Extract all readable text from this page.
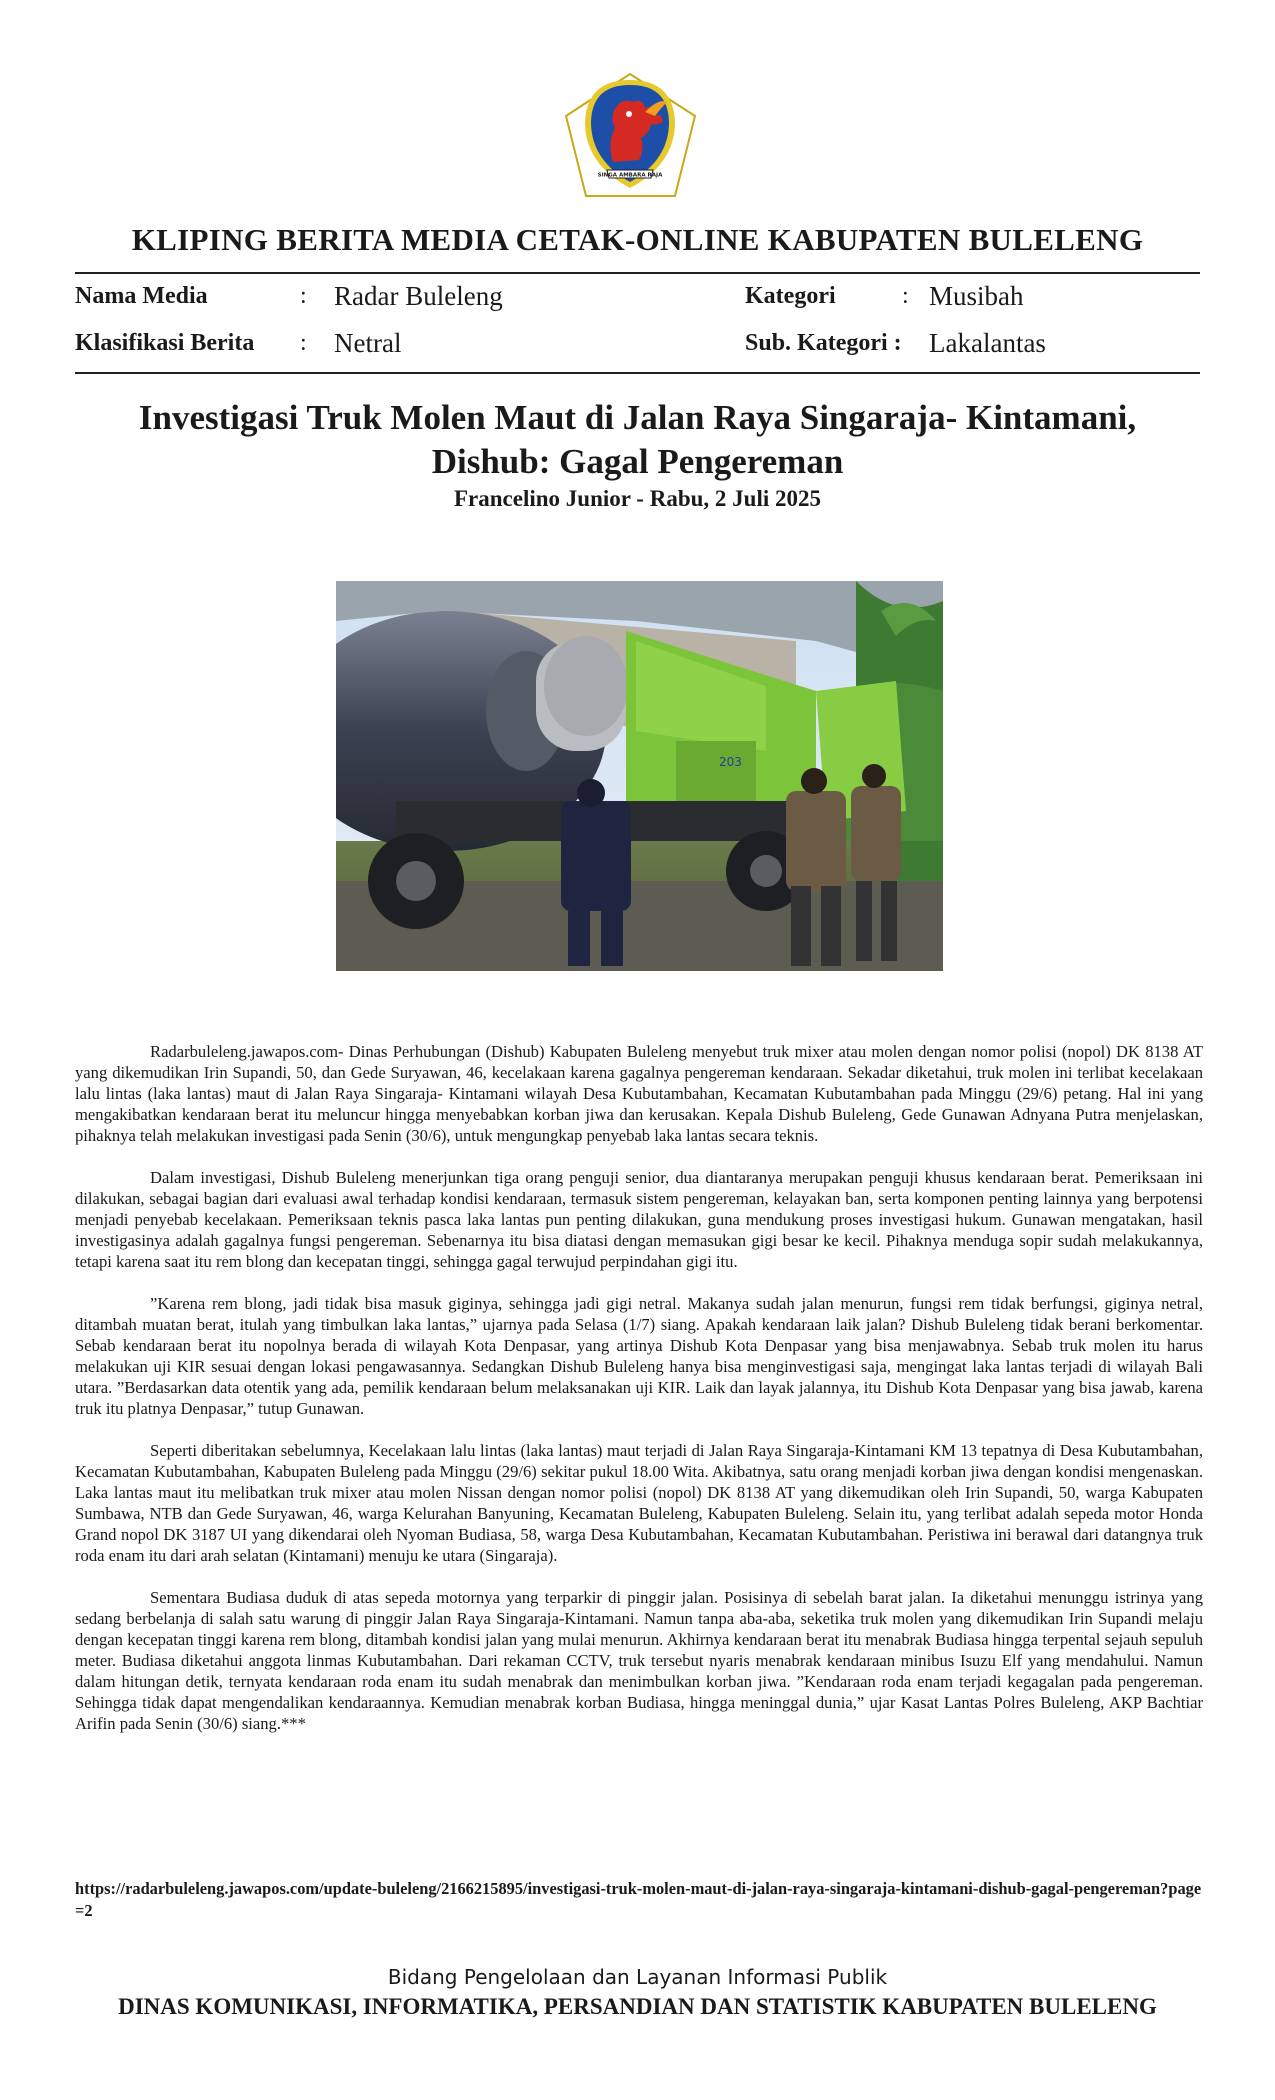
SINGA AMBARA RAJA
KLIPING BERITA MEDIA CETAK-ONLINE KABUPATEN BULELENG
Nama Media	: Radar Buleleng
Klasifikasi Berita : Netral
Kategori	: Musibah
Sub. Kategori : Lakalantas
Investigasi Truk Molen Maut di Jalan Raya Singaraja- Kintamani,
Dishub: Gagal Pengereman
Francelino Junior - Rabu, 2 Juli 2025
203

Radarbuleleng.jawapos.com- Dinas Perhubungan (Dishub) Kabupaten Buleleng menyebut truk mixer atau molen dengan nomor polisi (nopol) DK 8138 AT yang dikemudikan Irin Supandi, 50, dan Gede Suryawan, 46, kecelakaan karena gagalnya pengereman kendaraan. Sekadar diketahui, truk molen ini terlibat kecelakaan lalu lintas (laka lantas) maut di Jalan Raya Singaraja- Kintamani wilayah Desa Kubutambahan, Kecamatan Kubutambahan pada Minggu (29/6) petang. Hal ini yang mengakibatkan kendaraan berat itu meluncur hingga menyebabkan korban jiwa dan kerusakan. Kepala Dishub Buleleng, Gede Gunawan Adnyana Putra menjelaskan, pihaknya telah melakukan investigasi pada Senin (30/6), untuk mengungkap penyebab laka lantas secara teknis.

Dalam investigasi, Dishub Buleleng menerjunkan tiga orang penguji senior, dua diantaranya merupakan penguji khusus kendaraan berat. Pemeriksaan ini dilakukan, sebagai bagian dari evaluasi awal terhadap kondisi kendaraan, termasuk sistem pengereman, kelayakan ban, serta komponen penting lainnya yang berpotensi menjadi penyebab kecelakaan. Pemeriksaan teknis pasca laka lantas pun penting dilakukan, guna mendukung proses investigasi hukum. Gunawan mengatakan, hasil investigasinya adalah gagalnya fungsi pengereman. Sebenarnya itu bisa diatasi dengan memasukan gigi besar ke kecil. Pihaknya menduga sopir sudah melakukannya, tetapi karena saat itu rem blong dan kecepatan tinggi, sehingga gagal terwujud perpindahan gigi itu.

”Karena rem blong, jadi tidak bisa masuk giginya, sehingga jadi gigi netral. Makanya sudah jalan menurun, fungsi rem tidak berfungsi, giginya netral, ditambah muatan berat, itulah yang timbulkan laka lantas,” ujarnya pada Selasa (1/7) siang. Apakah kendaraan laik jalan? Dishub Buleleng tidak berani berkomentar. Sebab kendaraan berat itu nopolnya berada di wilayah Kota Denpasar, yang artinya Dishub Kota Denpasar yang bisa menjawabnya. Sebab truk molen itu harus melakukan uji KIR sesuai dengan lokasi pengawasannya. Sedangkan Dishub Buleleng hanya bisa menginvestigasi saja, mengingat laka lantas terjadi di wilayah Bali utara. ”Berdasarkan data otentik yang ada, pemilik kendaraan belum melaksanakan uji KIR. Laik dan layak jalannya, itu Dishub Kota Denpasar yang bisa jawab, karena truk itu platnya Denpasar,” tutup Gunawan.

Seperti diberitakan sebelumnya, Kecelakaan lalu lintas (laka lantas) maut terjadi di Jalan Raya Singaraja-Kintamani KM 13 tepatnya di Desa Kubutambahan, Kecamatan Kubutambahan, Kabupaten Buleleng pada Minggu (29/6) sekitar pukul 18.00 Wita. Akibatnya, satu orang menjadi korban jiwa dengan kondisi mengenaskan. Laka lantas maut itu melibatkan truk mixer atau molen Nissan dengan nomor polisi (nopol) DK 8138 AT yang dikemudikan oleh Irin Supandi, 50, warga Kabupaten Sumbawa, NTB dan Gede Suryawan, 46, warga Kelurahan Banyuning, Kecamatan Buleleng, Kabupaten Buleleng. Selain itu, yang terlibat adalah sepeda motor Honda Grand nopol DK 3187 UI yang dikendarai oleh Nyoman Budiasa, 58, warga Desa Kubutambahan, Kecamatan Kubutambahan. Peristiwa ini berawal dari datangnya truk roda enam itu dari arah selatan (Kintamani) menuju ke utara (Singaraja).

Sementara Budiasa duduk di atas sepeda motornya yang terparkir di pinggir jalan. Posisinya di sebelah barat jalan. Ia diketahui menunggu istrinya yang sedang berbelanja di salah satu warung di pinggir Jalan Raya Singaraja-Kintamani. Namun tanpa aba-aba, seketika truk molen yang dikemudikan Irin Supandi melaju dengan kecepatan tinggi karena rem blong, ditambah kondisi jalan yang mulai menurun. Akhirnya kendaraan berat itu menabrak Budiasa hingga terpental sejauh sepuluh meter. Budiasa diketahui anggota linmas Kubutambahan. Dari rekaman CCTV, truk tersebut nyaris menabrak kendaraan minibus Isuzu Elf yang mendahului. Namun dalam hitungan detik, ternyata kendaraan roda enam itu sudah menabrak dan menimbulkan korban jiwa. ”Kendaraan roda enam terjadi kegagalan pada pengereman. Sehingga tidak dapat mengendalikan kendaraannya. Kemudian menabrak korban Budiasa, hingga meninggal dunia,” ujar Kasat Lantas Polres Buleleng, AKP Bachtiar Arifin pada Senin (30/6) siang.***

https://radarbuleleng.jawapos.com/update-buleleng/2166215895/investigasi-truk-molen-maut-di-jalan-raya-singaraja-kintamani-dishub-gagal-pengereman?page=2
Bidang Pengelolaan dan Layanan Informasi Publik
DINAS KOMUNIKASI, INFORMATIKA, PERSANDIAN DAN STATISTIK KABUPATEN BULELENG
